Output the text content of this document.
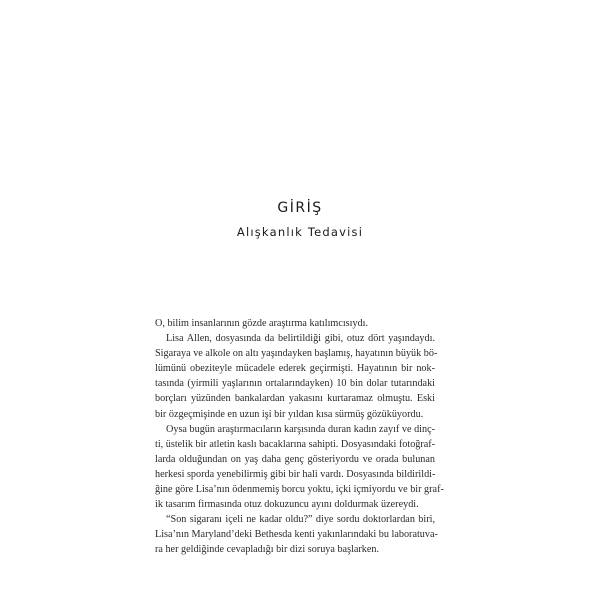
GİRİŞ
Alışkanlık Tedavisi
O, bilim insanlarının gözde araştırma katılımcısıydı.
Lisa Allen, dosyasında da belirtildiği gibi, otuz dört yaşındaydı.
Sigaraya ve alkole on altı yaşındayken başlamış, hayatının büyük bö-
lümünü obeziteyle mücadele ederek geçirmişti. Hayatının bir nok-
tasında (yirmili yaşlarının ortalarındayken) 10 bin dolar tutarındaki
borçları yüzünden bankalardan yakasını kurtaramaz olmuştu. Eski
bir özgeçmişinde en uzun işi bir yıldan kısa sürmüş gözüküyordu.
Oysa bugün araştırmacıların karşısında duran kadın zayıf ve dinç-
ti, üstelik bir atletin kaslı bacaklarına sahipti. Dosyasındaki fotoğraf-
larda olduğundan on yaş daha genç gösteriyordu ve orada bulunan
herkesi sporda yenebilirmiş gibi bir hali vardı. Dosyasında bildirildi-
ğine göre Lisa’nın ödenmemiş borcu yoktu, içki içmiyordu ve bir graf-
ik tasarım firmasında otuz dokuzuncu ayını doldurmak üzereydi.
“Son sigaranı içeli ne kadar oldu?” diye sordu doktorlardan biri,
Lisa’nın Maryland’deki Bethesda kenti yakınlarındaki bu laboratuva-
ra her geldiğinde cevapladığı bir dizi soruya başlarken.
